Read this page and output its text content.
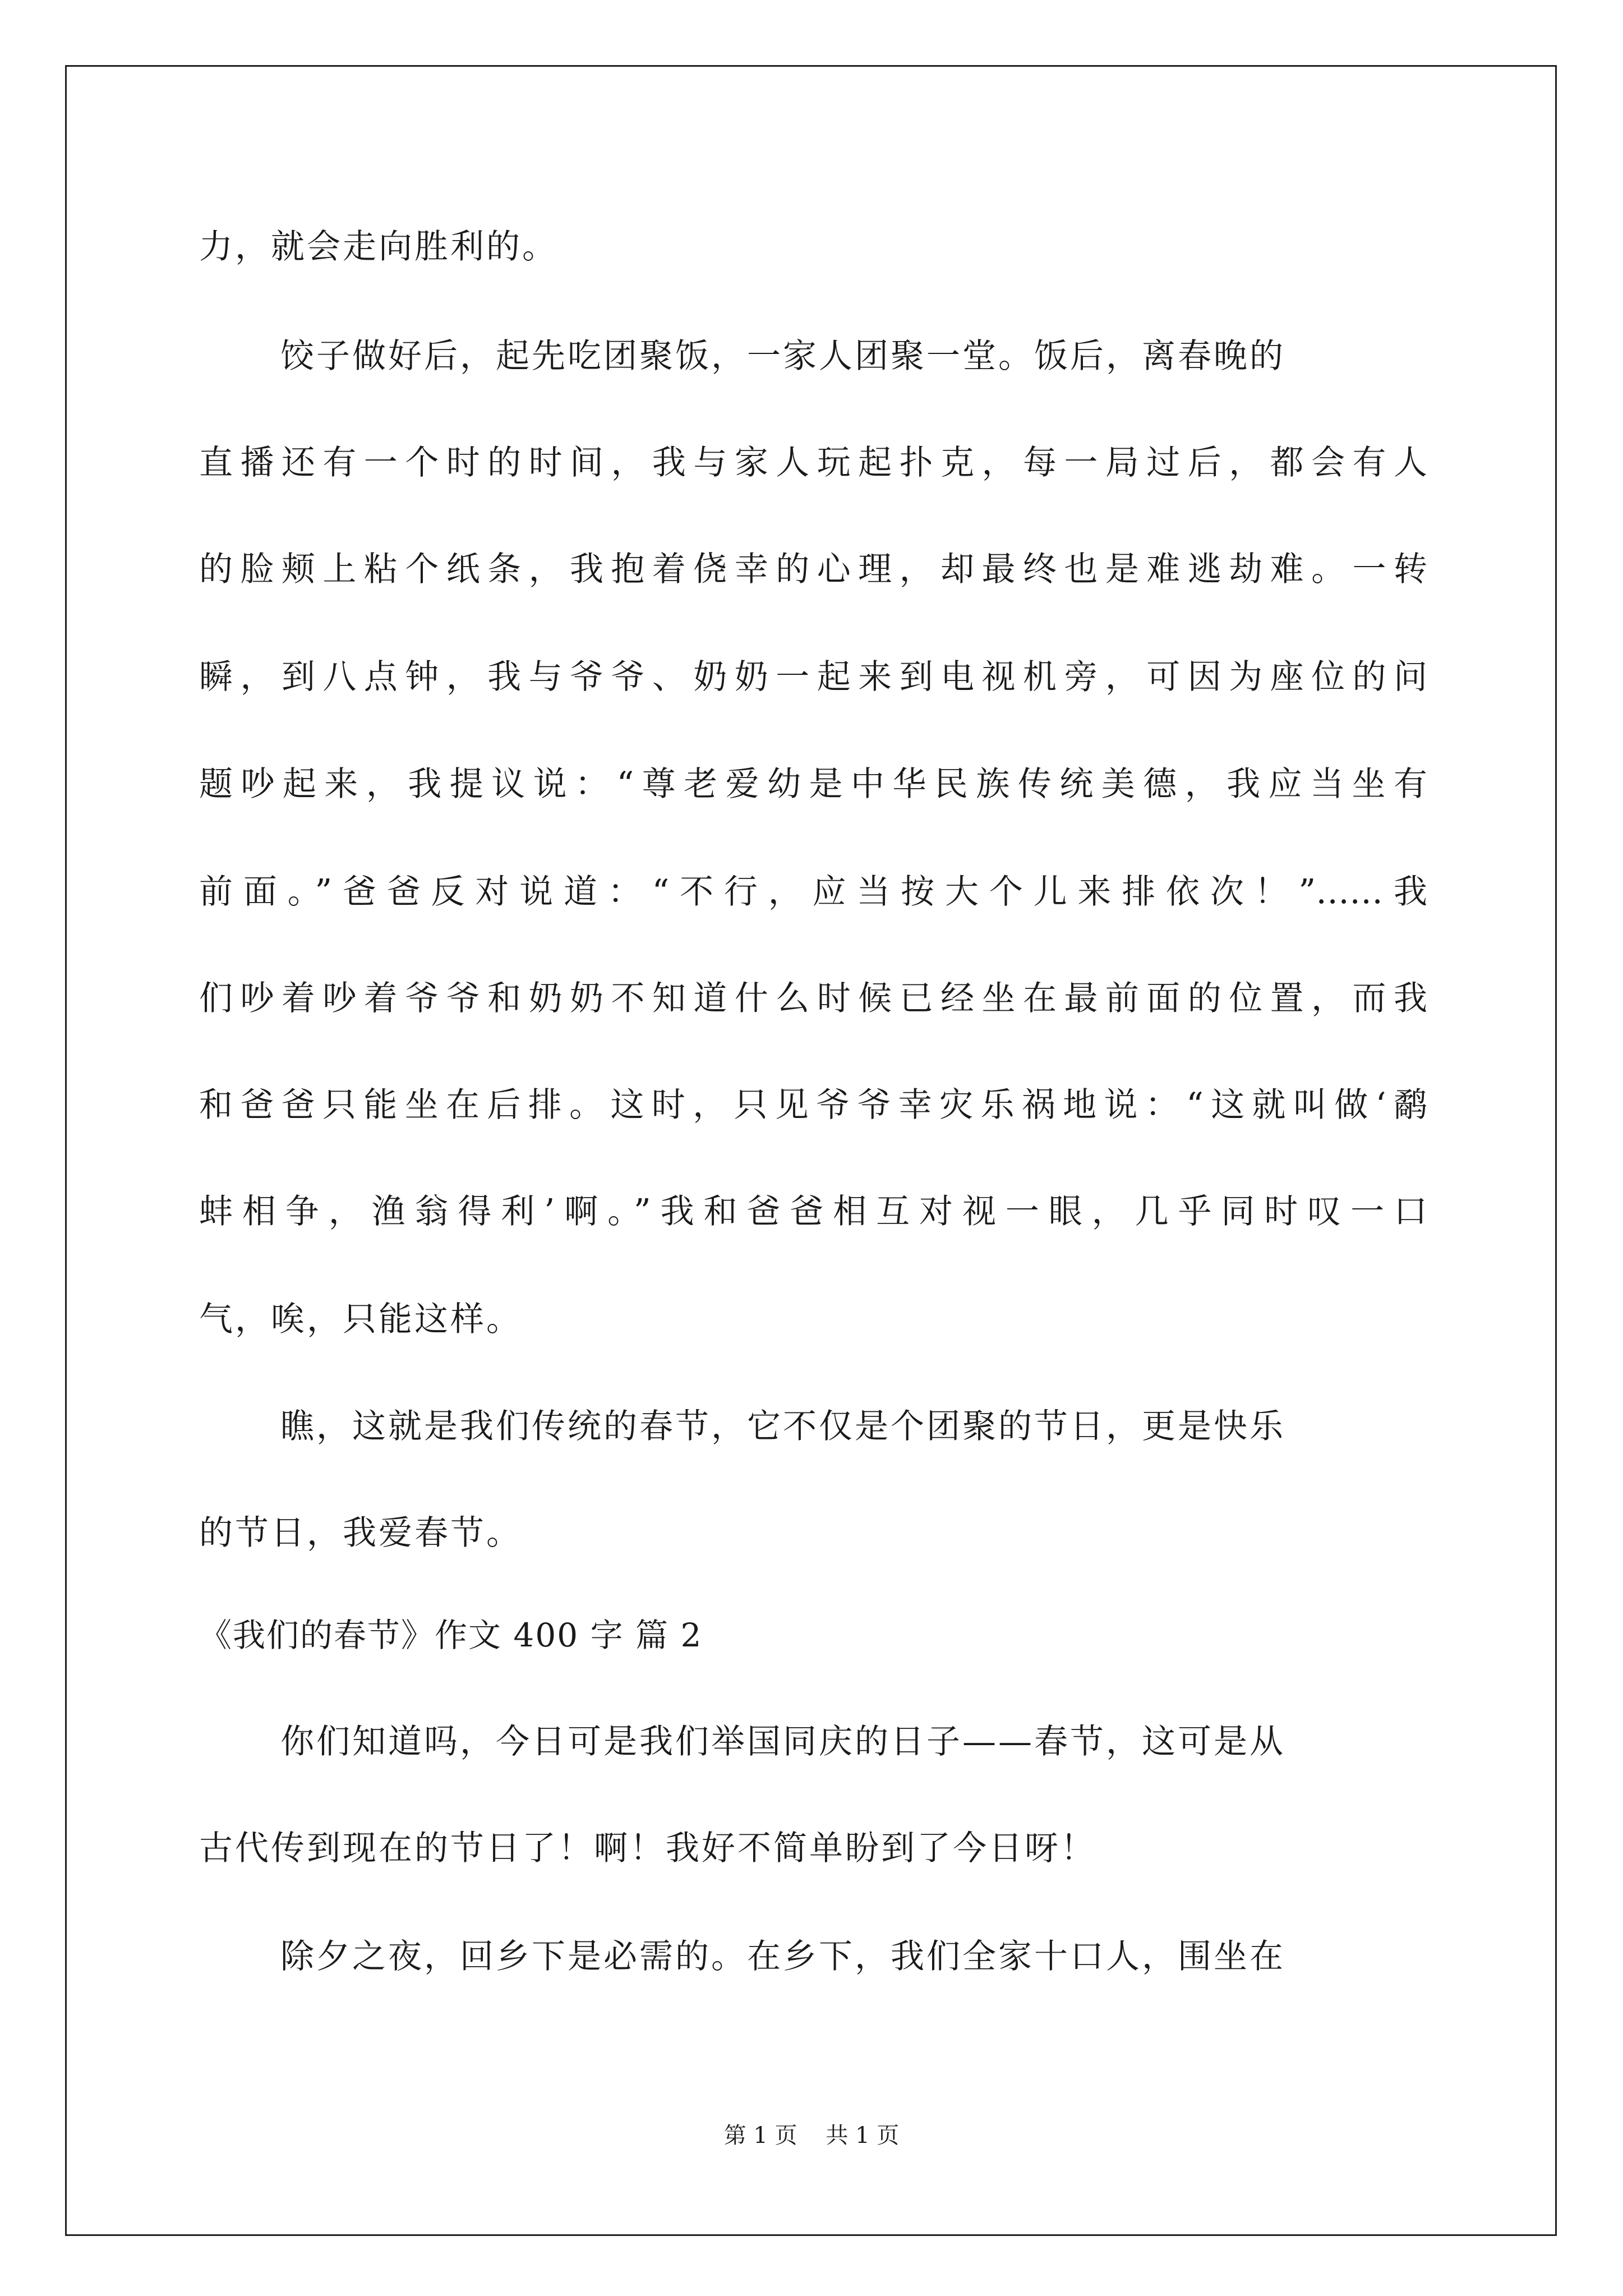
力，就会走向胜利的。
饺子做好后，起先吃团聚饭，一家人团聚一堂。饭后，离春晚的
直播还有一个时的时间，我与家人玩起扑克，每一局过后，都会有人
的脸颊上粘个纸条，我抱着侥幸的心理，却最终也是难逃劫难。一转
瞬，到八点钟，我与爷爷、奶奶一起来到电视机旁，可因为座位的问
题吵起来，我提议说：“尊老爱幼是中华民族传统美德，我应当坐有
前面。”爸爸反对说道：“不行，应当按大个儿来排依次！”……我
们吵着吵着爷爷和奶奶不知道什么时候已经坐在最前面的位置，而我
和爸爸只能坐在后排。这时，只见爷爷幸灾乐祸地说：“这就叫做‘鹬
蚌相争，渔翁得利’啊。”我和爸爸相互对视一眼，几乎同时叹一口
气，唉，只能这样。
瞧，这就是我们传统的春节，它不仅是个团聚的节日，更是快乐
的节日，我爱春节。
你们知道吗，今日可是我们举国同庆的日子——春节，这可是从
古代传到现在的节日了！啊！我好不简单盼到了今日呀！
除夕之夜，回乡下是必需的。在乡下，我们全家十口人，围坐在
《我们的春节》作文 400 字 篇 2
第 1 页    共 1 页
